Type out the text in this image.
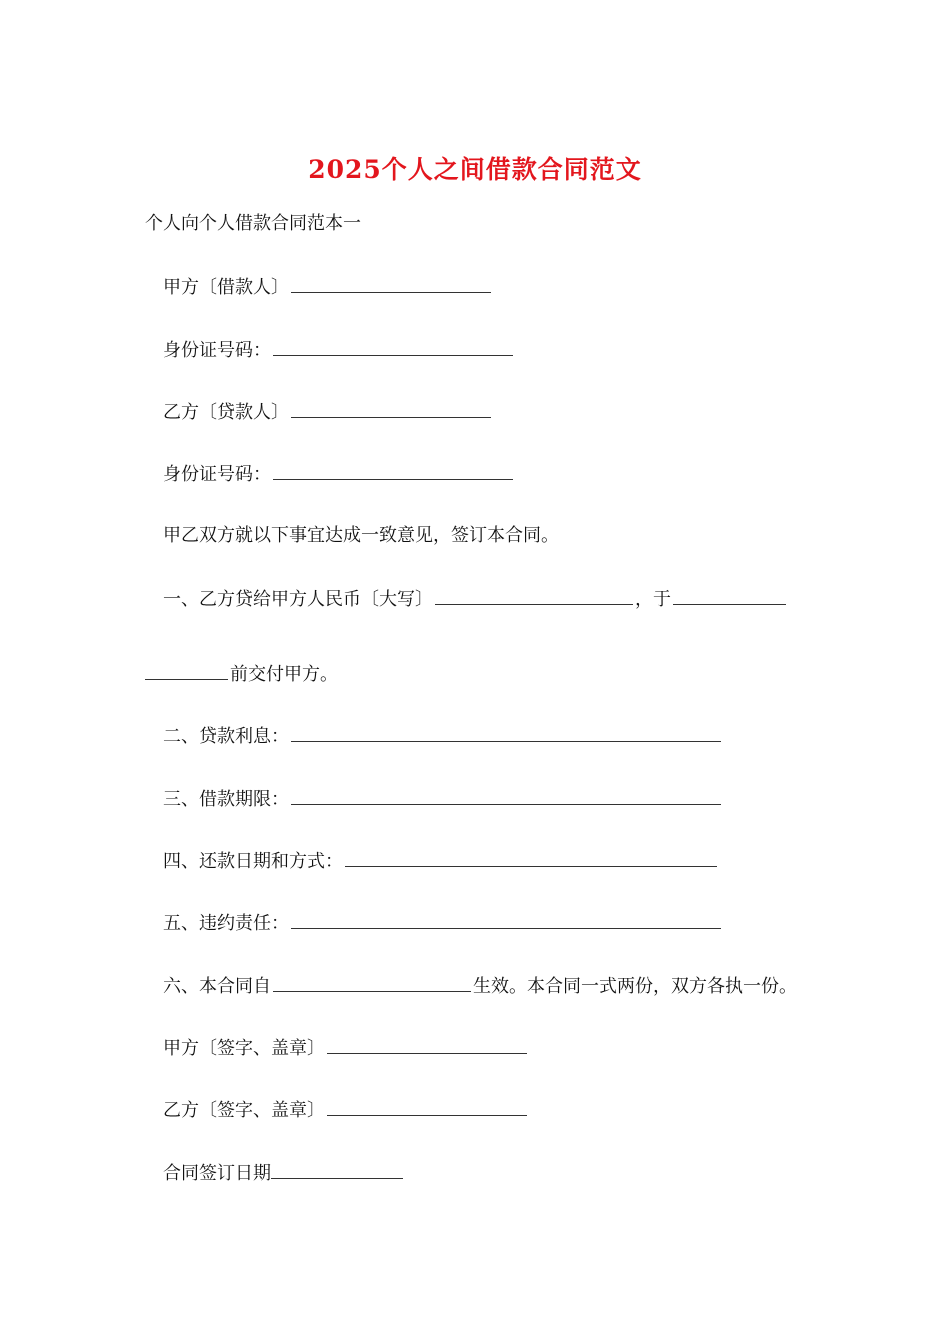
2025个人之间借款合同范文
个人向个人借款合同范本一
甲方〔借款人〕
身份证号码：
乙方〔贷款人〕
身份证号码：
甲乙双方就以下事宜达成一致意见，签订本合同。
一、乙方贷给甲方人民币〔大写〕	，于
前交付甲方。
二、贷款利息：
三、借款期限：
四、还款日期和方式：
五、违约责任：
六、本合同自	生效。本合同一式两份，双方各执一份。
甲方〔签字、盖章〕
乙方〔签字、盖章〕
合同签订日期
